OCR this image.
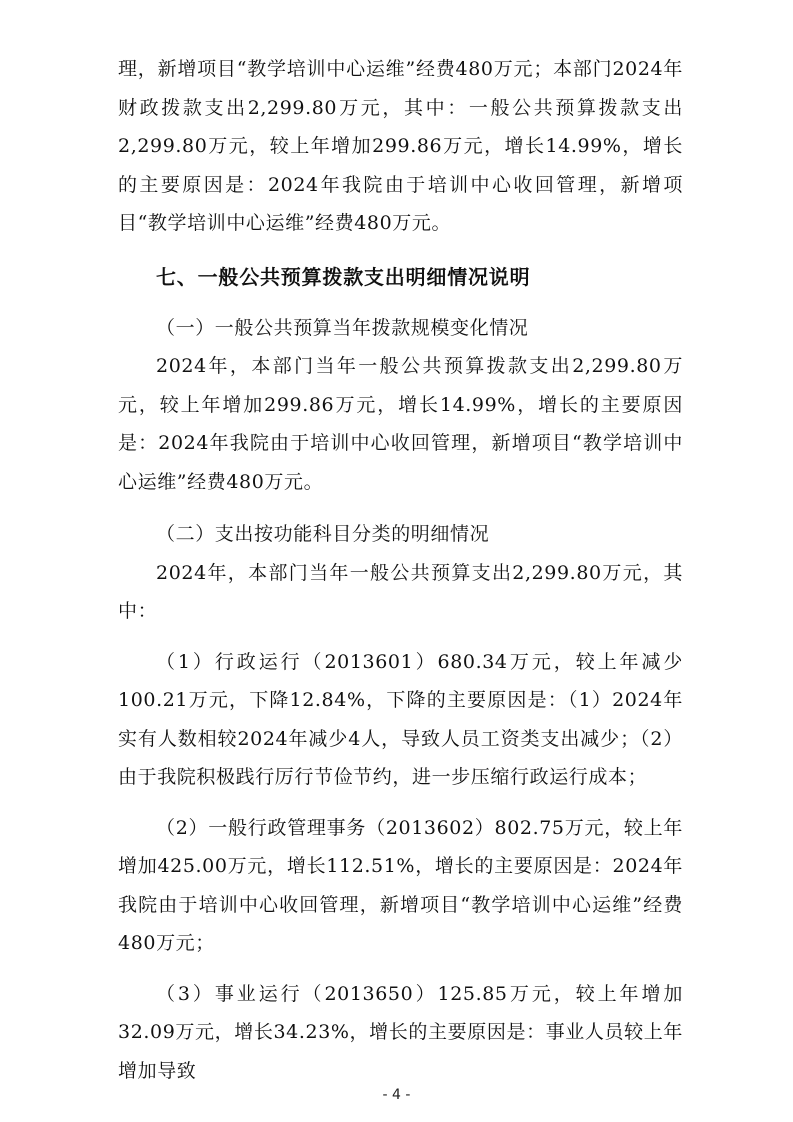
理，新增项目“教学培训中心运维”经费480万元；本部门2024年财政拨款支出2,299.80万元，其中：一般公共预算拨款支出2,299.80万元，较上年增加299.86万元，增长14.99%，增长的主要原因是：2024年我院由于培训中心收回管理，新增项目“教学培训中心运维”经费480万元。

七、一般公共预算拨款支出明细情况说明

（一）一般公共预算当年拨款规模变化情况

2024年，本部门当年一般公共预算拨款支出2,299.80万元，较上年增加299.86万元，增长14.99%，增长的主要原因是：2024年我院由于培训中心收回管理，新增项目“教学培训中心运维”经费480万元。

（二）支出按功能科目分类的明细情况

2024年，本部门当年一般公共预算支出2,299.80万元，其中：

（1）行政运行（2013601）680.34万元，较上年减少100.21万元，下降12.84%，下降的主要原因是：（1）2024年实有人数相较2024年减少4人，导致人员工资类支出减少；（2）由于我院积极践行厉行节俭节约，进一步压缩行政运行成本；

（2）一般行政管理事务（2013602）802.75万元，较上年增加425.00万元，增长112.51%，增长的主要原因是：2024年我院由于培训中心收回管理，新增项目“教学培训中心运维”经费480万元；

（3）事业运行（2013650）125.85万元，较上年增加32.09万元，增长34.23%，增长的主要原因是：事业人员较上年增加导致

- 4 -
